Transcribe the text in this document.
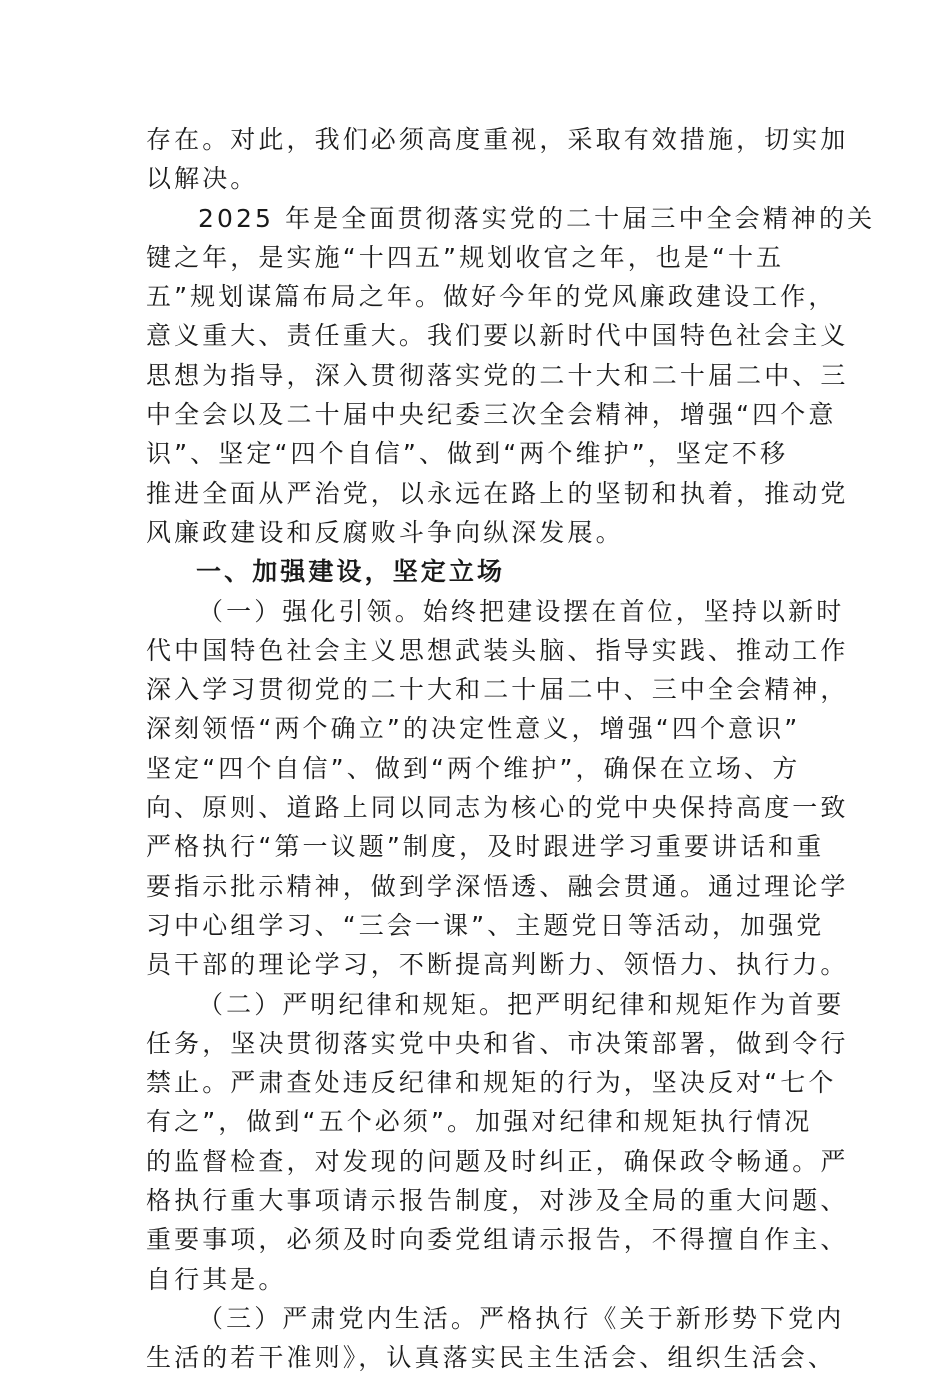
存在。对此，我们必须高度重视，采取有效措施，切实加
以解决。
2025 年是全面贯彻落实党的二十届三中全会精神的关
键之年，是实施“十四五”规划收官之年，也是“十五
五”规划谋篇布局之年。做好今年的党风廉政建设工作，
意义重大、责任重大。我们要以新时代中国特色社会主义
思想为指导，深入贯彻落实党的二十大和二十届二中、三
中全会以及二十届中央纪委三次全会精神，增强“四个意
识”、坚定“四个自信”、做到“两个维护”，坚定不移
推进全面从严治党，以永远在路上的坚韧和执着，推动党
风廉政建设和反腐败斗争向纵深发展。
一、加强建设，坚定立场
（一）强化引领。始终把建设摆在首位，坚持以新时
代中国特色社会主义思想武装头脑、指导实践、推动工作
深入学习贯彻党的二十大和二十届二中、三中全会精神，
深刻领悟“两个确立”的决定性意义，增强“四个意识”
坚定“四个自信”、做到“两个维护”，确保在立场、方
向、原则、道路上同以同志为核心的党中央保持高度一致
严格执行“第一议题”制度，及时跟进学习重要讲话和重
要指示批示精神，做到学深悟透、融会贯通。通过理论学
习中心组学习、“三会一课”、主题党日等活动，加强党
员干部的理论学习，不断提高判断力、领悟力、执行力。
（二）严明纪律和规矩。把严明纪律和规矩作为首要
任务，坚决贯彻落实党中央和省、市决策部署，做到令行
禁止。严肃查处违反纪律和规矩的行为，坚决反对“七个
有之”，做到“五个必须”。加强对纪律和规矩执行情况
的监督检查，对发现的问题及时纠正，确保政令畅通。严
格执行重大事项请示报告制度，对涉及全局的重大问题、
重要事项，必须及时向委党组请示报告，不得擅自作主、
自行其是。
（三）严肃党内生活。严格执行《关于新形势下党内
生活的若干准则》，认真落实民主生活会、组织生活会、
